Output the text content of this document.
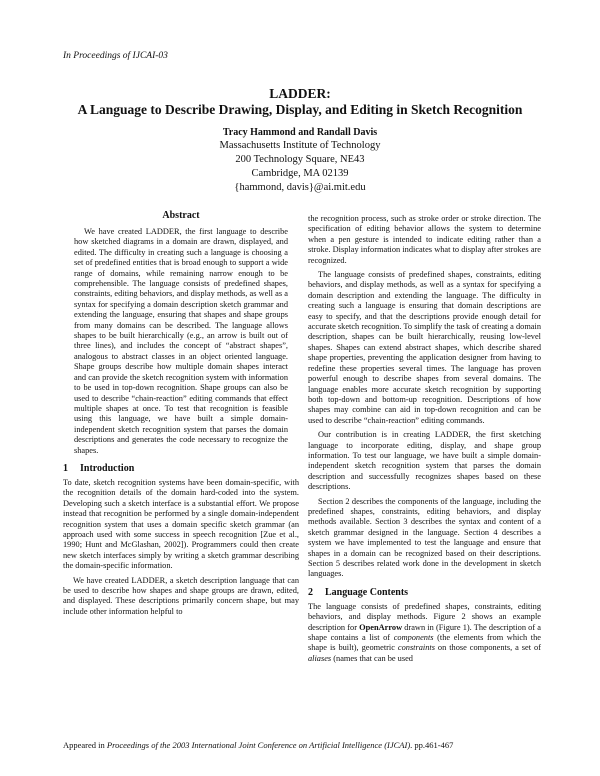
In Proceedings of IJCAI-03
LADDER:
A Language to Describe Drawing, Display, and Editing in Sketch Recognition
Tracy Hammond and Randall Davis
Massachusetts Institute of Technology
200 Technology Square, NE43
Cambridge, MA 02139
{hammond, davis}@ai.mit.edu
Abstract

We have created LADDER, the first language to describe how sketched diagrams in a domain are drawn, displayed, and edited. The difficulty in creating such a language is choosing a set of predefined entities that is broad enough to support a wide range of domains, while remaining narrow enough to be comprehensible. The language consists of predefined shapes, constraints, editing behaviors, and display methods, as well as a syntax for specifying a domain description sketch grammar and extending the language, ensuring that shapes and shape groups from many domains can be described. The language allows shapes to be built hierarchically (e.g., an arrow is built out of three lines), and includes the concept of “abstract shapes”, analogous to abstract classes in an object oriented language. Shape groups describe how multiple domain shapes interact and can provide the sketch recognition system with information to be used in top-down recognition. Shape groups can also be used to describe “chain-reaction” editing commands that effect multiple shapes at once. To test that recognition is feasible using this language, we have built a simple domain-independent sketch recognition system that parses the domain descriptions and generates the code necessary to recognize the shapes.

1 Introduction

To date, sketch recognition systems have been domain-specific, with the recognition details of the domain hard-coded into the system. Developing such a sketch interface is a substantial effort. We propose instead that recognition be performed by a single domain-independent recognition system that uses a domain specific sketch grammar (an approach used with some success in speech recognition [Zue et al., 1990; Hunt and McGlashan, 2002]). Programmers could then create new sketch interfaces simply by writing a sketch grammar describing the domain-specific information.

We have created LADDER, a sketch description language that can be used to describe how shapes and shape groups are drawn, edited, and displayed. These descriptions primarily concern shape, but may include other information helpful to

the recognition process, such as stroke order or stroke direction. The specification of editing behavior allows the system to determine when a pen gesture is intended to indicate editing rather than a stroke. Display information indicates what to display after strokes are recognized.

The language consists of predefined shapes, constraints, editing behaviors, and display methods, as well as a syntax for specifying a domain description and extending the language. The difficulty in creating such a language is ensuring that domain descriptions are easy to specify, and that the descriptions provide enough detail for accurate sketch recognition. To simplify the task of creating a domain description, shapes can be built hierarchically, reusing low-level shapes. Shapes can extend abstract shapes, which describe shared shape properties, preventing the application designer from having to redefine these properties several times. The language has proven powerful enough to describe shapes from several domains. The language enables more accurate sketch recognition by supporting both top-down and bottom-up recognition. Descriptions of how shapes may combine can aid in top-down recognition and can be used to describe “chain-reaction” editing commands.

Our contribution is in creating LADDER, the first sketching language to incorporate editing, display, and shape group information. To test our language, we have built a simple domain-independent sketch recognition system that parses the domain description and successfully recognizes shapes based on these descriptions.

Section 2 describes the components of the language, including the predefined shapes, constraints, editing behaviors, and display methods available. Section 3 describes the syntax and content of a sketch grammar designed in the language. Section 4 describes a system we have implemented to test the language and ensure that shapes in a domain can be recognized based on their descriptions. Section 5 describes related work done in the development in sketch languages.

2 Language Contents

The language consists of predefined shapes, constraints, editing behaviors, and display methods. Figure 2 shows an example description for OpenArrow drawn in (Figure 1). The description of a shape contains a list of components (the elements from which the shape is built), geometric constraints on those components, a set of aliases (names that can be used

Appeared in Proceedings of the 2003 International Joint Conference on Artificial Intelligence (IJCAI). pp.461-467
